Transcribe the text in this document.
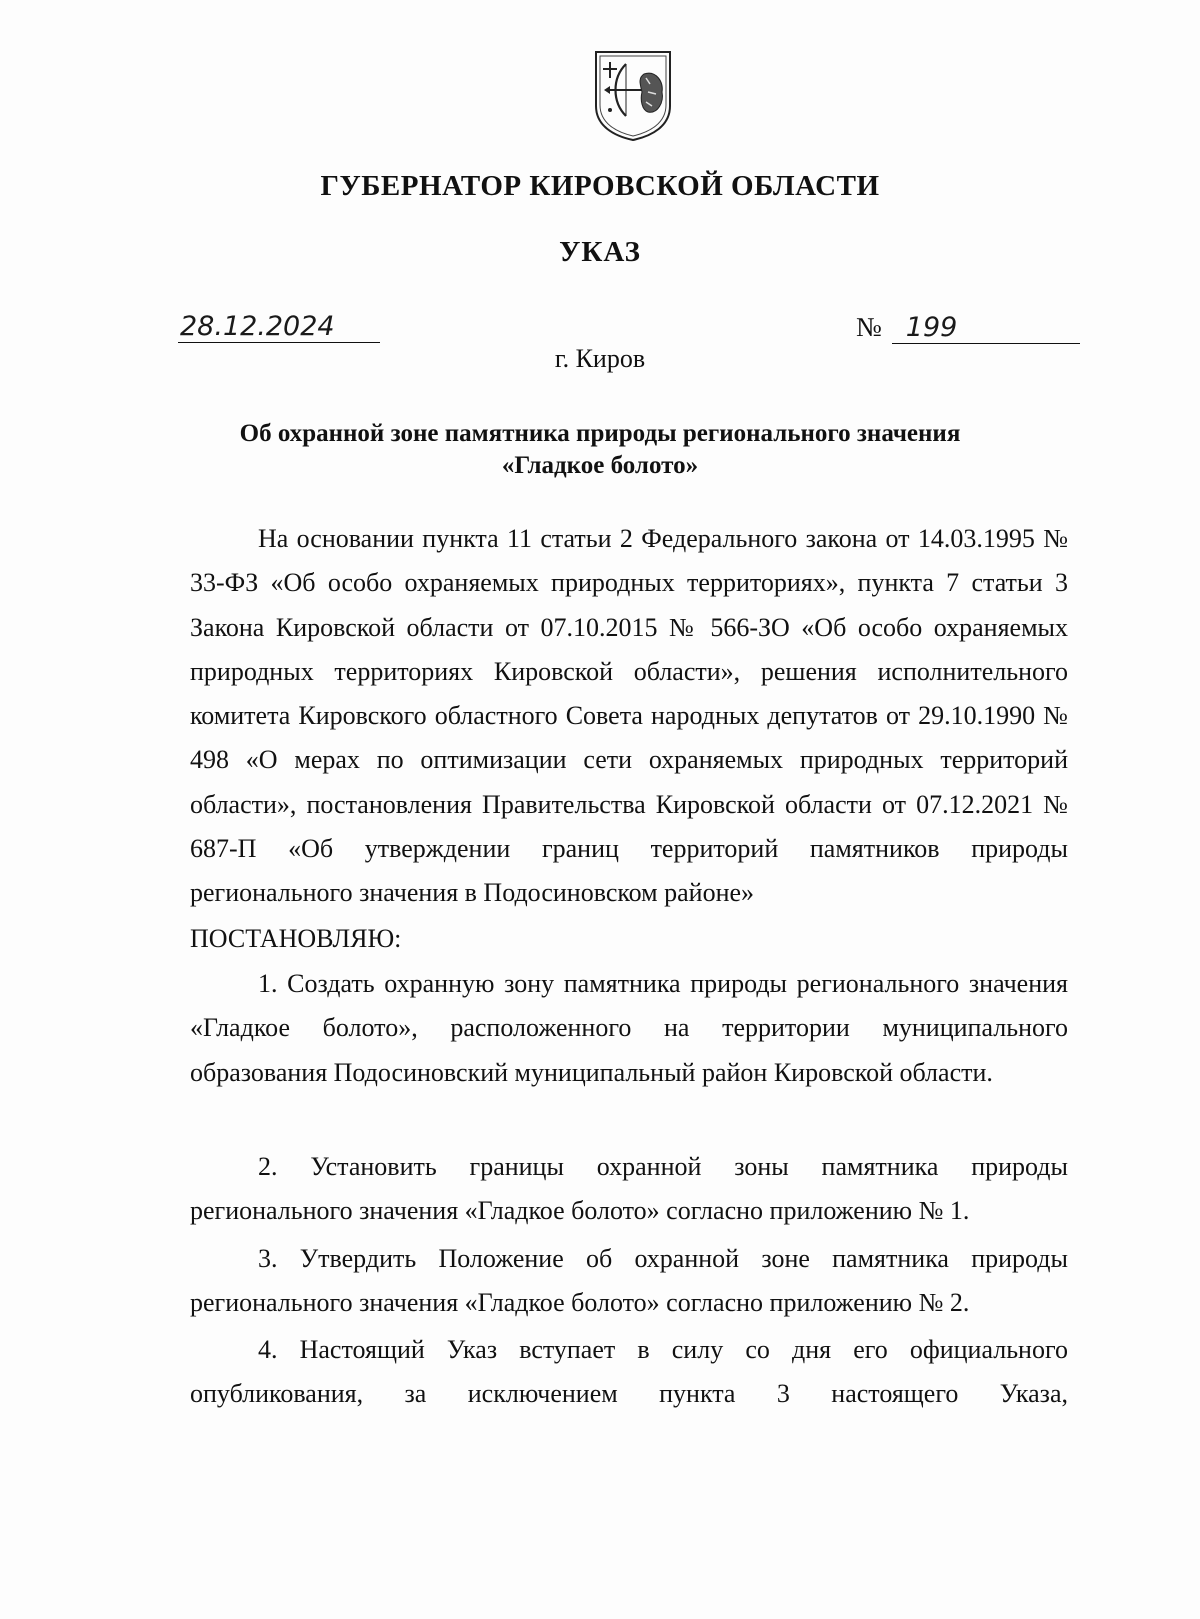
ГУБЕРНАТОР КИРОВСКОЙ ОБЛАСТИ
УКАЗ
28.12.2024	№ 199
г. Киров
Об охранной зоне памятника природы регионального значения
«Гладкое болото»

На основании пункта 11 статьи 2 Федерального закона от 14.03.1995 № 33-ФЗ «Об особо охраняемых природных территориях», пункта 7 статьи 3 Закона Кировской области от 07.10.2015 № 566-ЗО «Об особо охраняемых природных территориях Кировской области», решения исполнительного комитета Кировского областного Совета народных депутатов от 29.10.1990 № 498 «О мерах по оптимизации сети охраняемых природных территорий области», постановления Правительства Кировской области от 07.12.2021 № 687-П «Об утверждении границ территорий памятников природы регионального значения в Подосиновском районе»

ПОСТАНОВЛЯЮ:

1. Создать охранную зону памятника природы регионального значения «Гладкое болото», расположенного на территории муниципального образования Подосиновский муниципальный район Кировской области.

2. Установить границы охранной зоны памятника природы регионального значения «Гладкое болото» согласно приложению № 1.

3. Утвердить Положение об охранной зоне памятника природы регионального значения «Гладкое болото» согласно приложению № 2.

4. Настоящий Указ вступает в силу со дня его официального опубликования, за исключением пункта 3 настоящего Указа,
